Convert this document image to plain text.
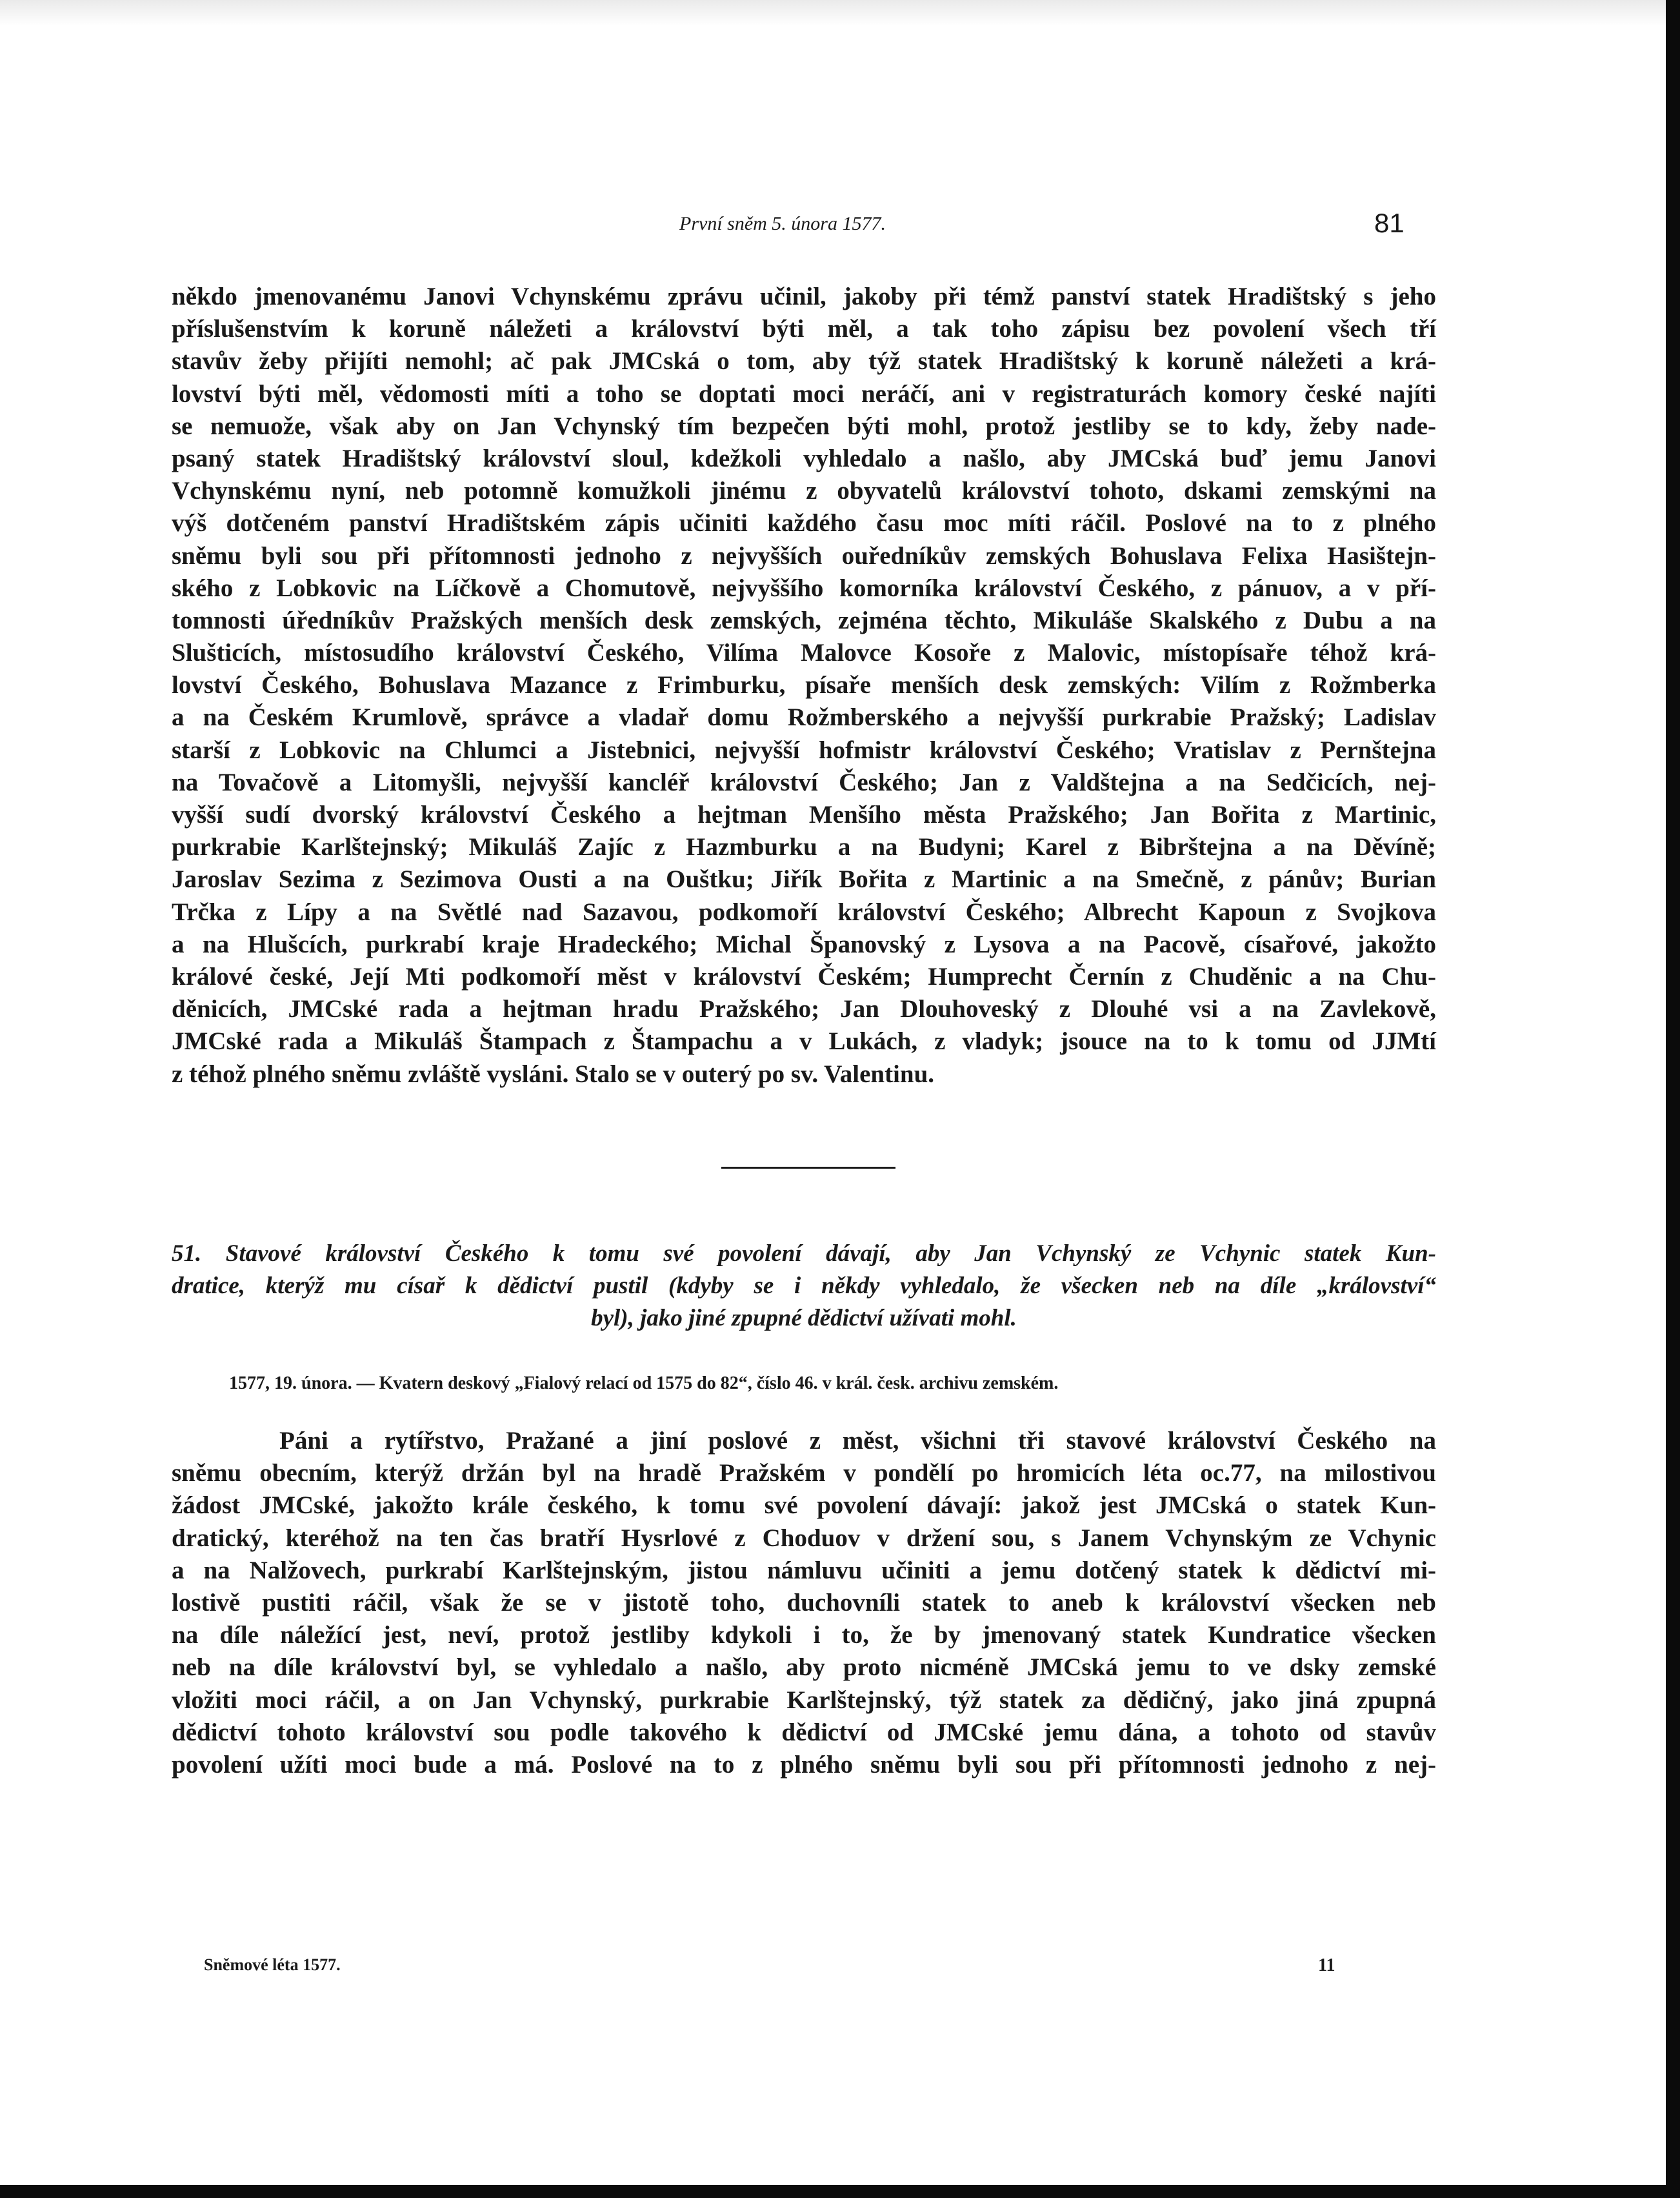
První sněm 5. února 1577.	81
někdo jmenovanému Janovi Vchynskému zprávu učinil, jakoby při témž panství statek Hradištský s jeho
příslušenstvím k koruně náležeti a království býti měl, a tak toho zápisu bez povolení všech tří
stavův žeby přijíti nemohl; ač pak JMCská o tom, aby týž statek Hradištský k koruně náležeti a krá-
lovství býti měl, vědomosti míti a toho se doptati moci neráčí, ani v registraturách komory české najíti
se nemuože, však aby on Jan Vchynský tím bezpečen býti mohl, protož jestliby se to kdy, žeby nade-
psaný statek Hradištský království sloul, kdežkoli vyhledalo a našlo, aby JMCská buď jemu Janovi
Vchynskému nyní, neb potomně komužkoli jinému z obyvatelů království tohoto, dskami zemskými na
výš dotčeném panství Hradištském zápis učiniti každého času moc míti ráčil. Poslové na to z plného
sněmu byli sou při přítomnosti jednoho z nejvyšších ouředníkův zemských Bohuslava Felixa Hasištejn-
ského z Lobkovic na Líčkově a Chomutově, nejvyššího komorníka království Českého, z pánuov, a v pří-
tomnosti úředníkův Pražských menších desk zemských, zejména těchto, Mikuláše Skalského z Dubu a na
Slušticích, místosudího království Českého, Vilíma Malovce Kosoře z Malovic, místopísaře téhož krá-
lovství Českého, Bohuslava Mazance z Frimburku, písaře menších desk zemských: Vilím z Rožmberka
a na Českém Krumlově, správce a vladař domu Rožmberského a nejvyšší purkrabie Pražský; Ladislav
starší z Lobkovic na Chlumci a Jistebnici, nejvyšší hofmistr království Českého; Vratislav z Pernštejna
na Tovačově a Litomyšli, nejvyšší kancléř království Českého; Jan z Valdštejna a na Sedčicích, nej-
vyšší sudí dvorský království Českého a hejtman Menšího města Pražského; Jan Bořita z Martinic,
purkrabie Karlštejnský; Mikuláš Zajíc z Hazmburku a na Budyni; Karel z Bibrštejna a na Děvíně;
Jaroslav Sezima z Sezimova Ousti a na Ouštku; Jiřík Bořita z Martinic a na Smečně, z pánův; Burian
Trčka z Lípy a na Světlé nad Sazavou, podkomoří království Českého; Albrecht Kapoun z Svojkova
a na Hlušcích, purkrabí kraje Hradeckého; Michal Španovský z Lysova a na Pacově, císařové, jakožto
králové české, Její Mti podkomoří měst v království Českém; Humprecht Černín z Chuděnic a na Chu-
děnicích, JMCské rada a hejtman hradu Pražského; Jan Dlouhoveský z Dlouhé vsi a na Zavlekově,
JMCské rada a Mikuláš Štampach z Štampachu a v Lukách, z vladyk; jsouce na to k tomu od JJMtí
z téhož plného sněmu zvláště vysláni. Stalo se v outerý po sv. Valentinu.
51. Stavové království Českého k tomu své povolení dávají, aby Jan Vchynský ze Vchynic statek Kun-
dratice, kterýž mu císař k dědictví pustil (kdyby se i někdy vyhledalo, že všecken neb na díle „království“
byl), jako jiné zpupné dědictví užívati mohl.
1577, 19. února. — Kvatern deskový „Fialový relací od 1575 do 82“, číslo 46. v král. česk. archivu zemském.
Páni a rytířstvo, Pražané a jiní poslové z měst, všichni tři stavové království Českého na
sněmu obecním, kterýž držán byl na hradě Pražském v pondělí po hromicích léta oc.77, na milostivou
žádost JMCské, jakožto krále českého, k tomu své povolení dávají: jakož jest JMCská o statek Kun-
dratický, kteréhož na ten čas bratří Hysrlové z Choduov v držení sou, s Janem Vchynským ze Vchynic
a na Nalžovech, purkrabí Karlštejnským, jistou námluvu učiniti a jemu dotčený statek k dědictví mi-
lostivě pustiti ráčil, však že se v jistotě toho, duchovníli statek to aneb k království všecken neb
na díle náležící jest, neví, protož jestliby kdykoli i to, že by jmenovaný statek Kundratice všecken
neb na díle království byl, se vyhledalo a našlo, aby proto nicméně JMCská jemu to ve dsky zemské
vložiti moci ráčil, a on Jan Vchynský, purkrabie Karlštejnský, týž statek za dědičný, jako jiná zpupná
dědictví tohoto království sou podle takového k dědictví od JMCské jemu dána, a tohoto od stavův
povolení užíti moci bude a má. Poslové na to z plného sněmu byli sou při přítomnosti jednoho z nej-
Sněmové léta 1577.	11
